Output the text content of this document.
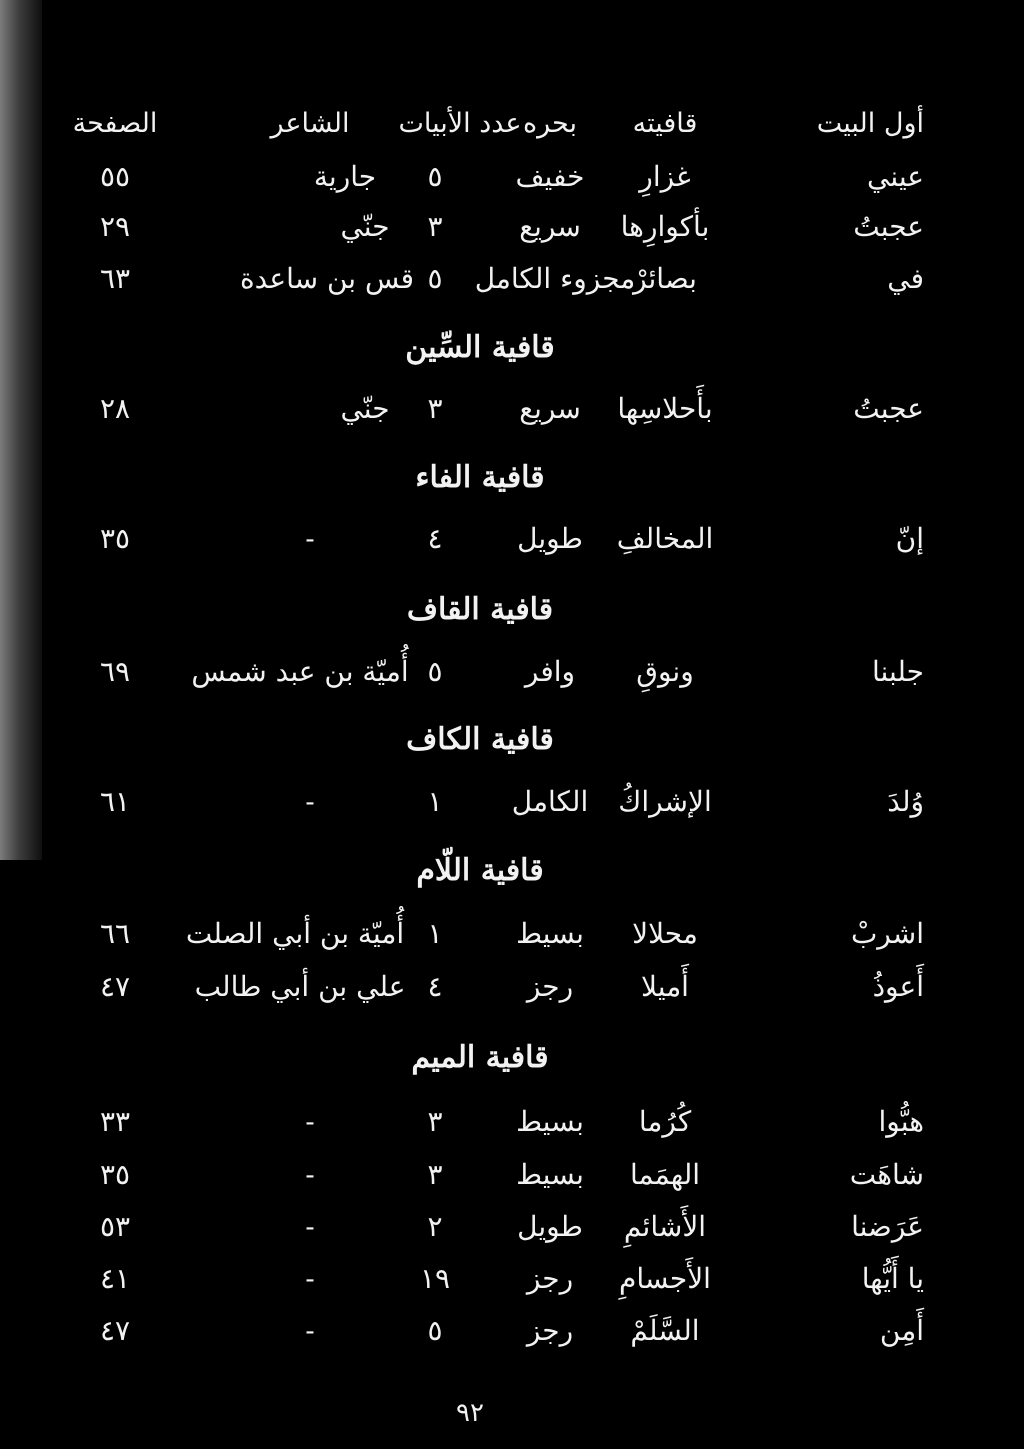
أول البيت
قافيته
بحره
عدد الأبيات
الشاعر
الصفحة
عيني
غزارِ
خفيف
٥
جارية
٥٥
عجبتُ
بأكوارِها
سريع
٣
جنّي
٢٩
في
بصائرْ
مجزوء الكامل
٥
قس بن ساعدة
٦٣
قافية السِّين
عجبتُ
بأَحلاسِها
سريع
٣
جنّي
٢٨
قافية الفاء
إنّ
المخالفِ
طويل
٤
-
٣٥
قافية القاف
جلبنا
ونوقِ
وافر
٥
أُميّة بن عبد شمس
٦٩
قافية الكاف
وُلدَ
الإشراكُ
الكامل
١
-
٦١
قافية اللّام
اشربْ
محلالا
بسيط
١
أُميّة بن أبي الصلت
٦٦
أَعوذُ
أَميلا
رجز
٤
علي بن أبي طالب
٤٧
قافية الميم
هبُّوا
كُرُما
بسيط
٣
-
٣٣
شاهَت
الهمَما
بسيط
٣
-
٣٥
عَرَضنا
الأَشائمِ
طويل
٢
-
٥٣
يا أَيُّها
الأَجسامِ
رجز
١٩
-
٤١
أَمِن
السَّلَمْ
رجز
٥
-
٤٧
٩٢
